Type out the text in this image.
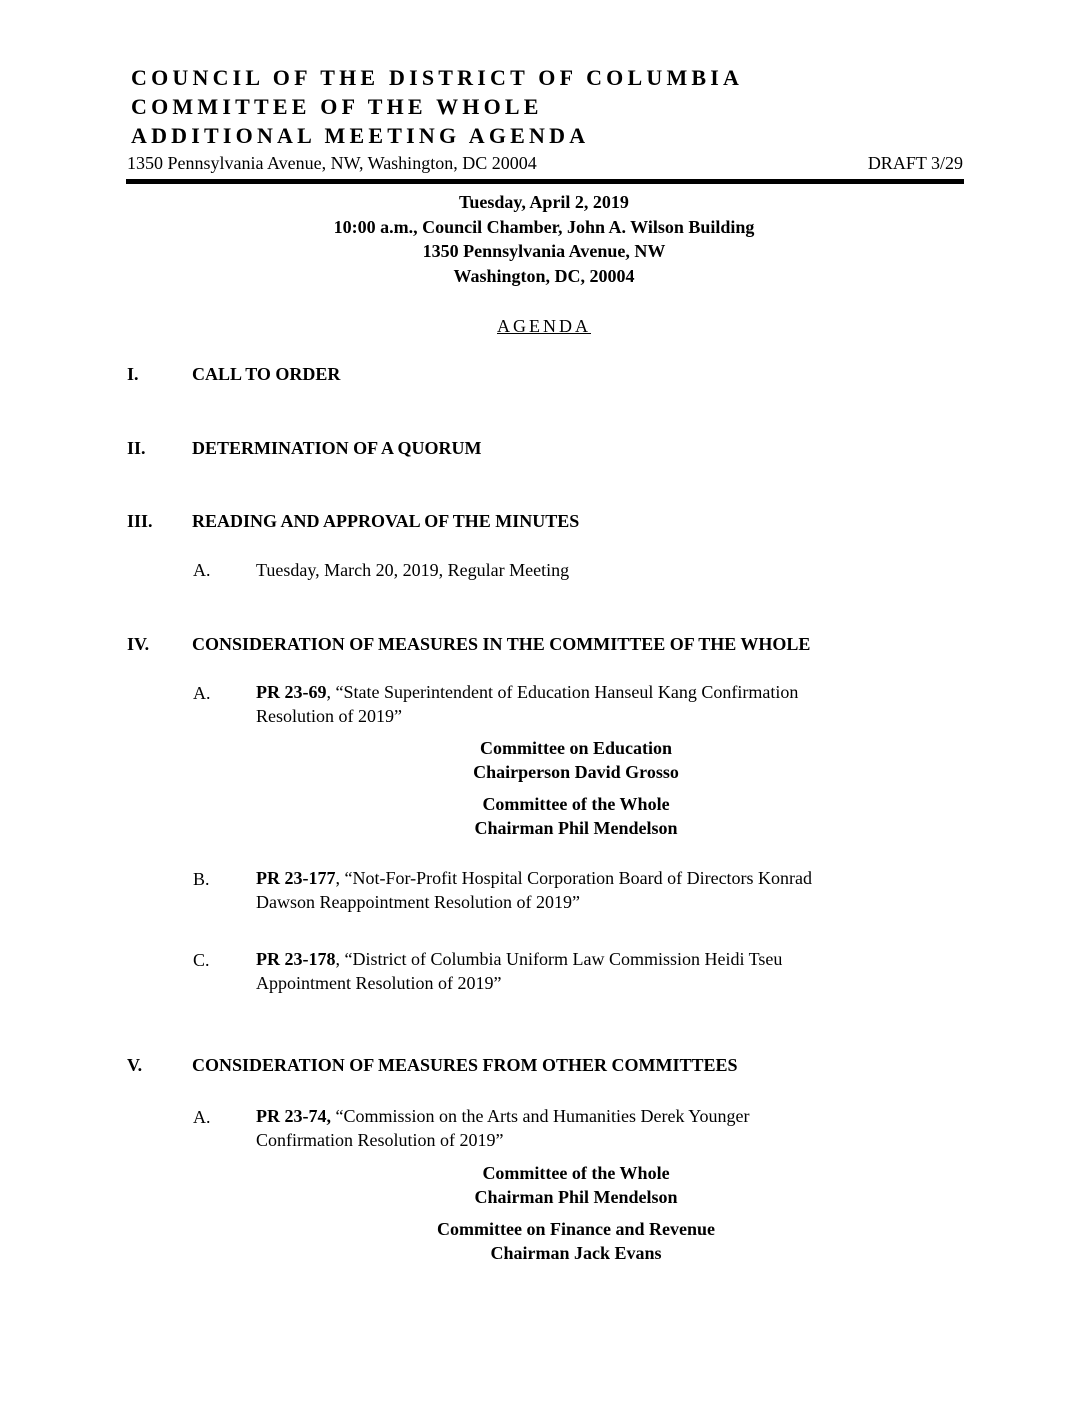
COUNCIL OF THE DISTRICT OF COLUMBIA
COMMITTEE OF THE WHOLE
ADDITIONAL MEETING AGENDA
1350 Pennsylvania Avenue, NW, Washington, DC 20004	DRAFT 3/29
Tuesday, April 2, 2019
10:00 a.m., Council Chamber, John A. Wilson Building
1350 Pennsylvania Avenue, NW
Washington, DC, 20004
AGENDA
I.	CALL TO ORDER
II.	DETERMINATION OF A QUORUM
III. READING AND APPROVAL OF THE MINUTES
A.	Tuesday, March 20, 2019, Regular Meeting
IV. CONSIDERATION OF MEASURES IN THE COMMITTEE OF THE WHOLE
A.	PR 23-69, “State Superintendent of Education Hanseul Kang Confirmation
Resolution of 2019”
Committee on Education
Chairperson David Grosso
Committee of the Whole
Chairman Phil Mendelson
B.	PR 23-177, “Not-For-Profit Hospital Corporation Board of Directors Konrad
Dawson Reappointment Resolution of 2019”
C.	PR 23-178, “District of Columbia Uniform Law Commission Heidi Tseu
Appointment Resolution of 2019”
V.	CONSIDERATION OF MEASURES FROM OTHER COMMITTEES
A.	PR 23-74, “Commission on the Arts and Humanities Derek Younger
Confirmation Resolution of 2019”
Committee of the Whole
Chairman Phil Mendelson
Committee on Finance and Revenue
Chairman Jack Evans
